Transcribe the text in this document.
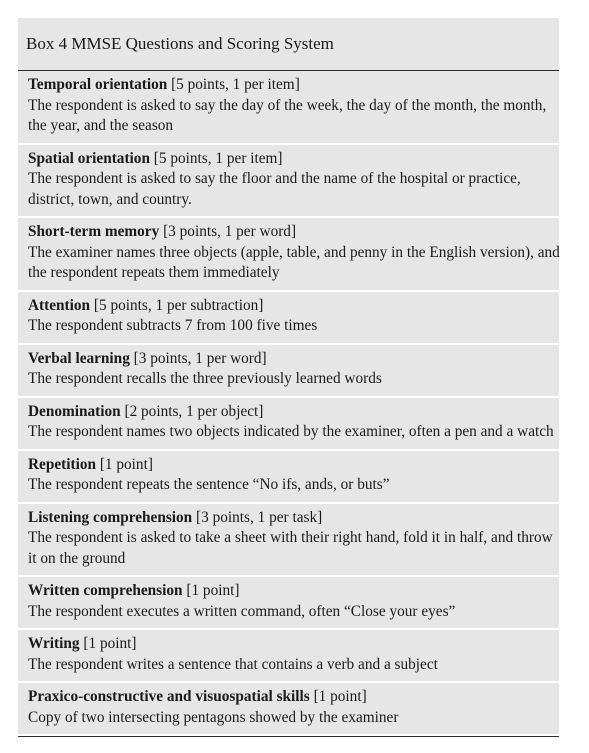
Box 4 MMSE Questions and Scoring System
Temporal orientation [5 points, 1 per item]
The respondent is asked to say the day of the week, the day of the month, the month, the year, and the season
Spatial orientation [5 points, 1 per item]
The respondent is asked to say the floor and the name of the hospital or practice, district, town, and country.
Short-term memory [3 points, 1 per word]
The examiner names three objects (apple, table, and penny in the English version), and the respondent repeats them immediately
Attention [5 points, 1 per subtraction]
The respondent subtracts 7 from 100 five times
Verbal learning [3 points, 1 per word]
The respondent recalls the three previously learned words
Denomination [2 points, 1 per object]
The respondent names two objects indicated by the examiner, often a pen and a watch
Repetition [1 point]
The respondent repeats the sentence “No ifs, ands, or buts”
Listening comprehension [3 points, 1 per task]
The respondent is asked to take a sheet with their right hand, fold it in half, and throw it on the ground
Written comprehension [1 point]
The respondent executes a written command, often “Close your eyes”
Writing [1 point]
The respondent writes a sentence that contains a verb and a subject
Praxico-constructive and visuospatial skills [1 point]
Copy of two intersecting pentagons showed by the examiner
